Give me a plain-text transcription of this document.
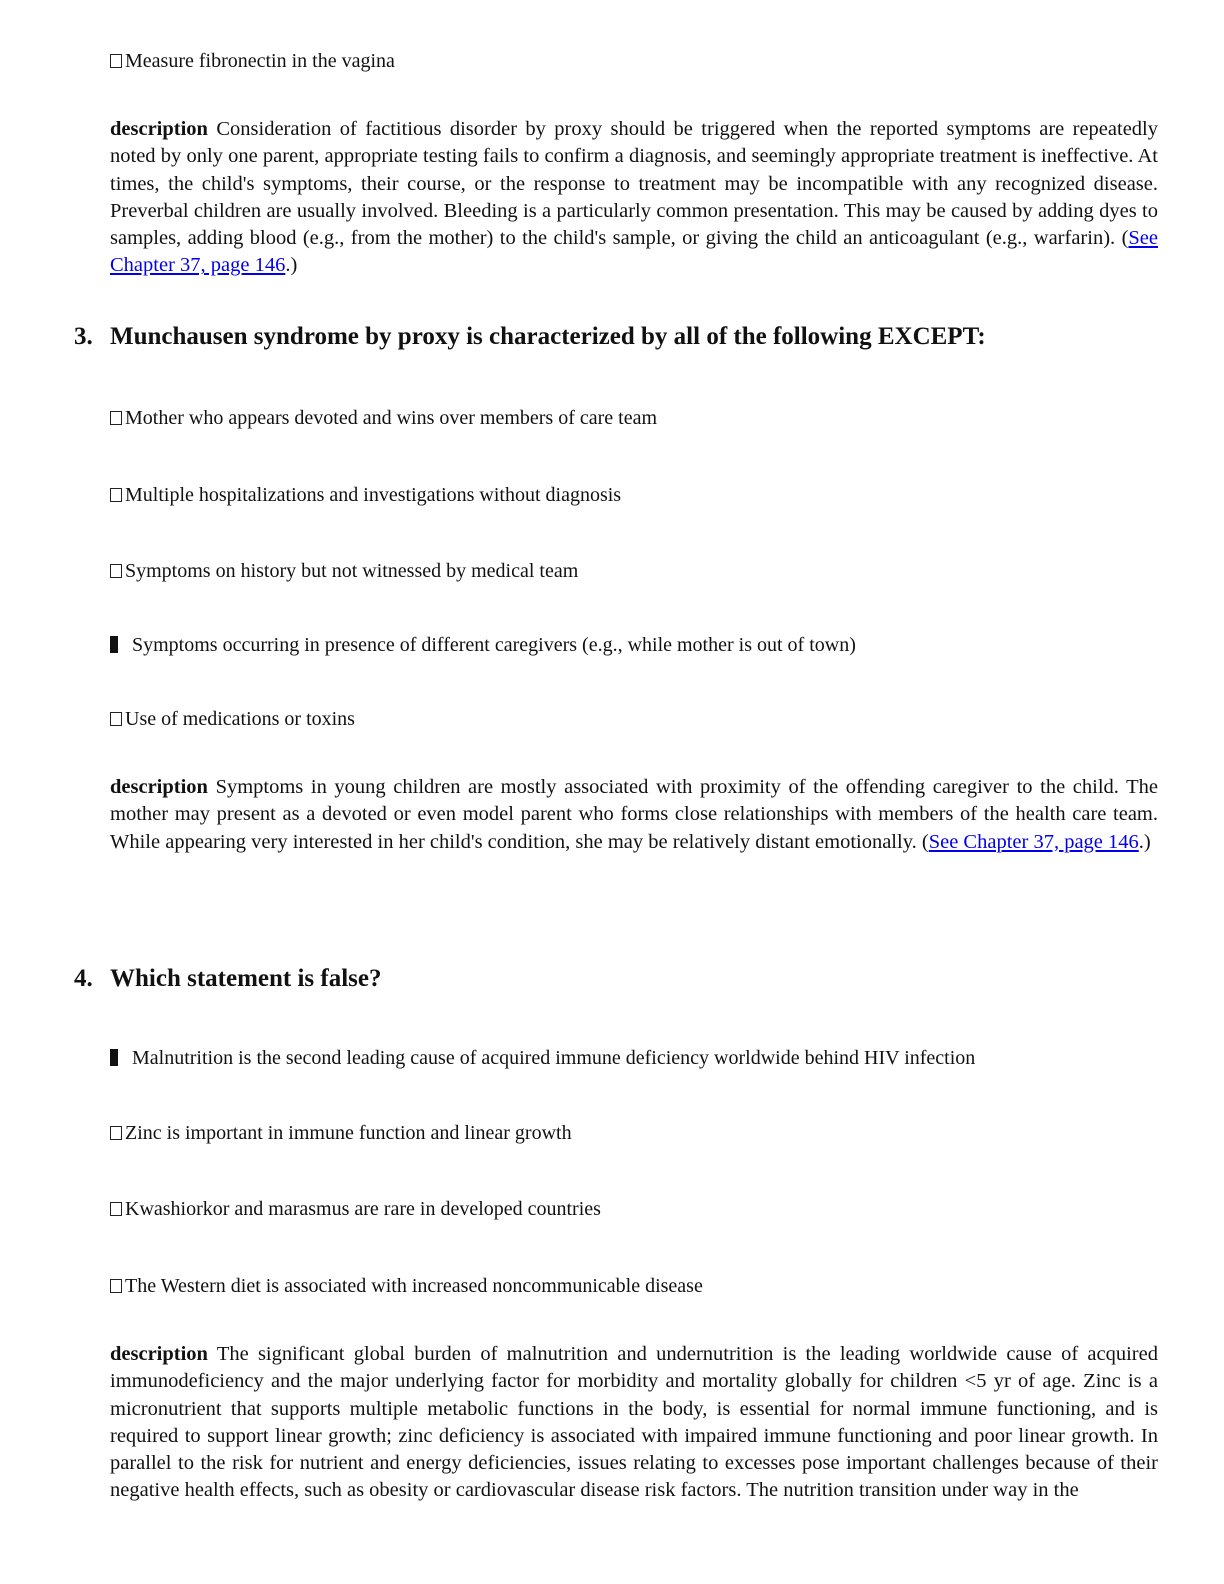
Measure fibronectin in the vagina
description Consideration of factitious disorder by proxy should be triggered when the reported symptoms are repeatedly noted by only one parent, appropriate testing fails to confirm a diagnosis, and seemingly appropriate treatment is ineffective. At times, the child's symptoms, their course, or the response to treatment may be incompatible with any recognized disease. Preverbal children are usually involved. Bleeding is a particularly common presentation. This may be caused by adding dyes to samples, adding blood (e.g., from the mother) to the child's sample, or giving the child an anticoagulant (e.g., warfarin). (See Chapter 37, page 146.)
3. Munchausen syndrome by proxy is characterized by all of the following EXCEPT:
Mother who appears devoted and wins over members of care team
Multiple hospitalizations and investigations without diagnosis
Symptoms on history but not witnessed by medical team
Symptoms occurring in presence of different caregivers (e.g., while mother is out of town)
Use of medications or toxins
description Symptoms in young children are mostly associated with proximity of the offending caregiver to the child. The mother may present as a devoted or even model parent who forms close relationships with members of the health care team. While appearing very interested in her child's condition, she may be relatively distant emotionally. (See Chapter 37, page 146.)
4. Which statement is false?
Malnutrition is the second leading cause of acquired immune deficiency worldwide behind HIV infection
Zinc is important in immune function and linear growth
Kwashiorkor and marasmus are rare in developed countries
The Western diet is associated with increased noncommunicable disease
description The significant global burden of malnutrition and undernutrition is the leading worldwide cause of acquired immunodeficiency and the major underlying factor for morbidity and mortality globally for children <5 yr of age. Zinc is a micronutrient that supports multiple metabolic functions in the body, is essential for normal immune functioning, and is required to support linear growth; zinc deficiency is associated with impaired immune functioning and poor linear growth. In parallel to the risk for nutrient and energy deficiencies, issues relating to excesses pose important challenges because of their negative health effects, such as obesity or cardiovascular disease risk factors. The nutrition transition under way in the
